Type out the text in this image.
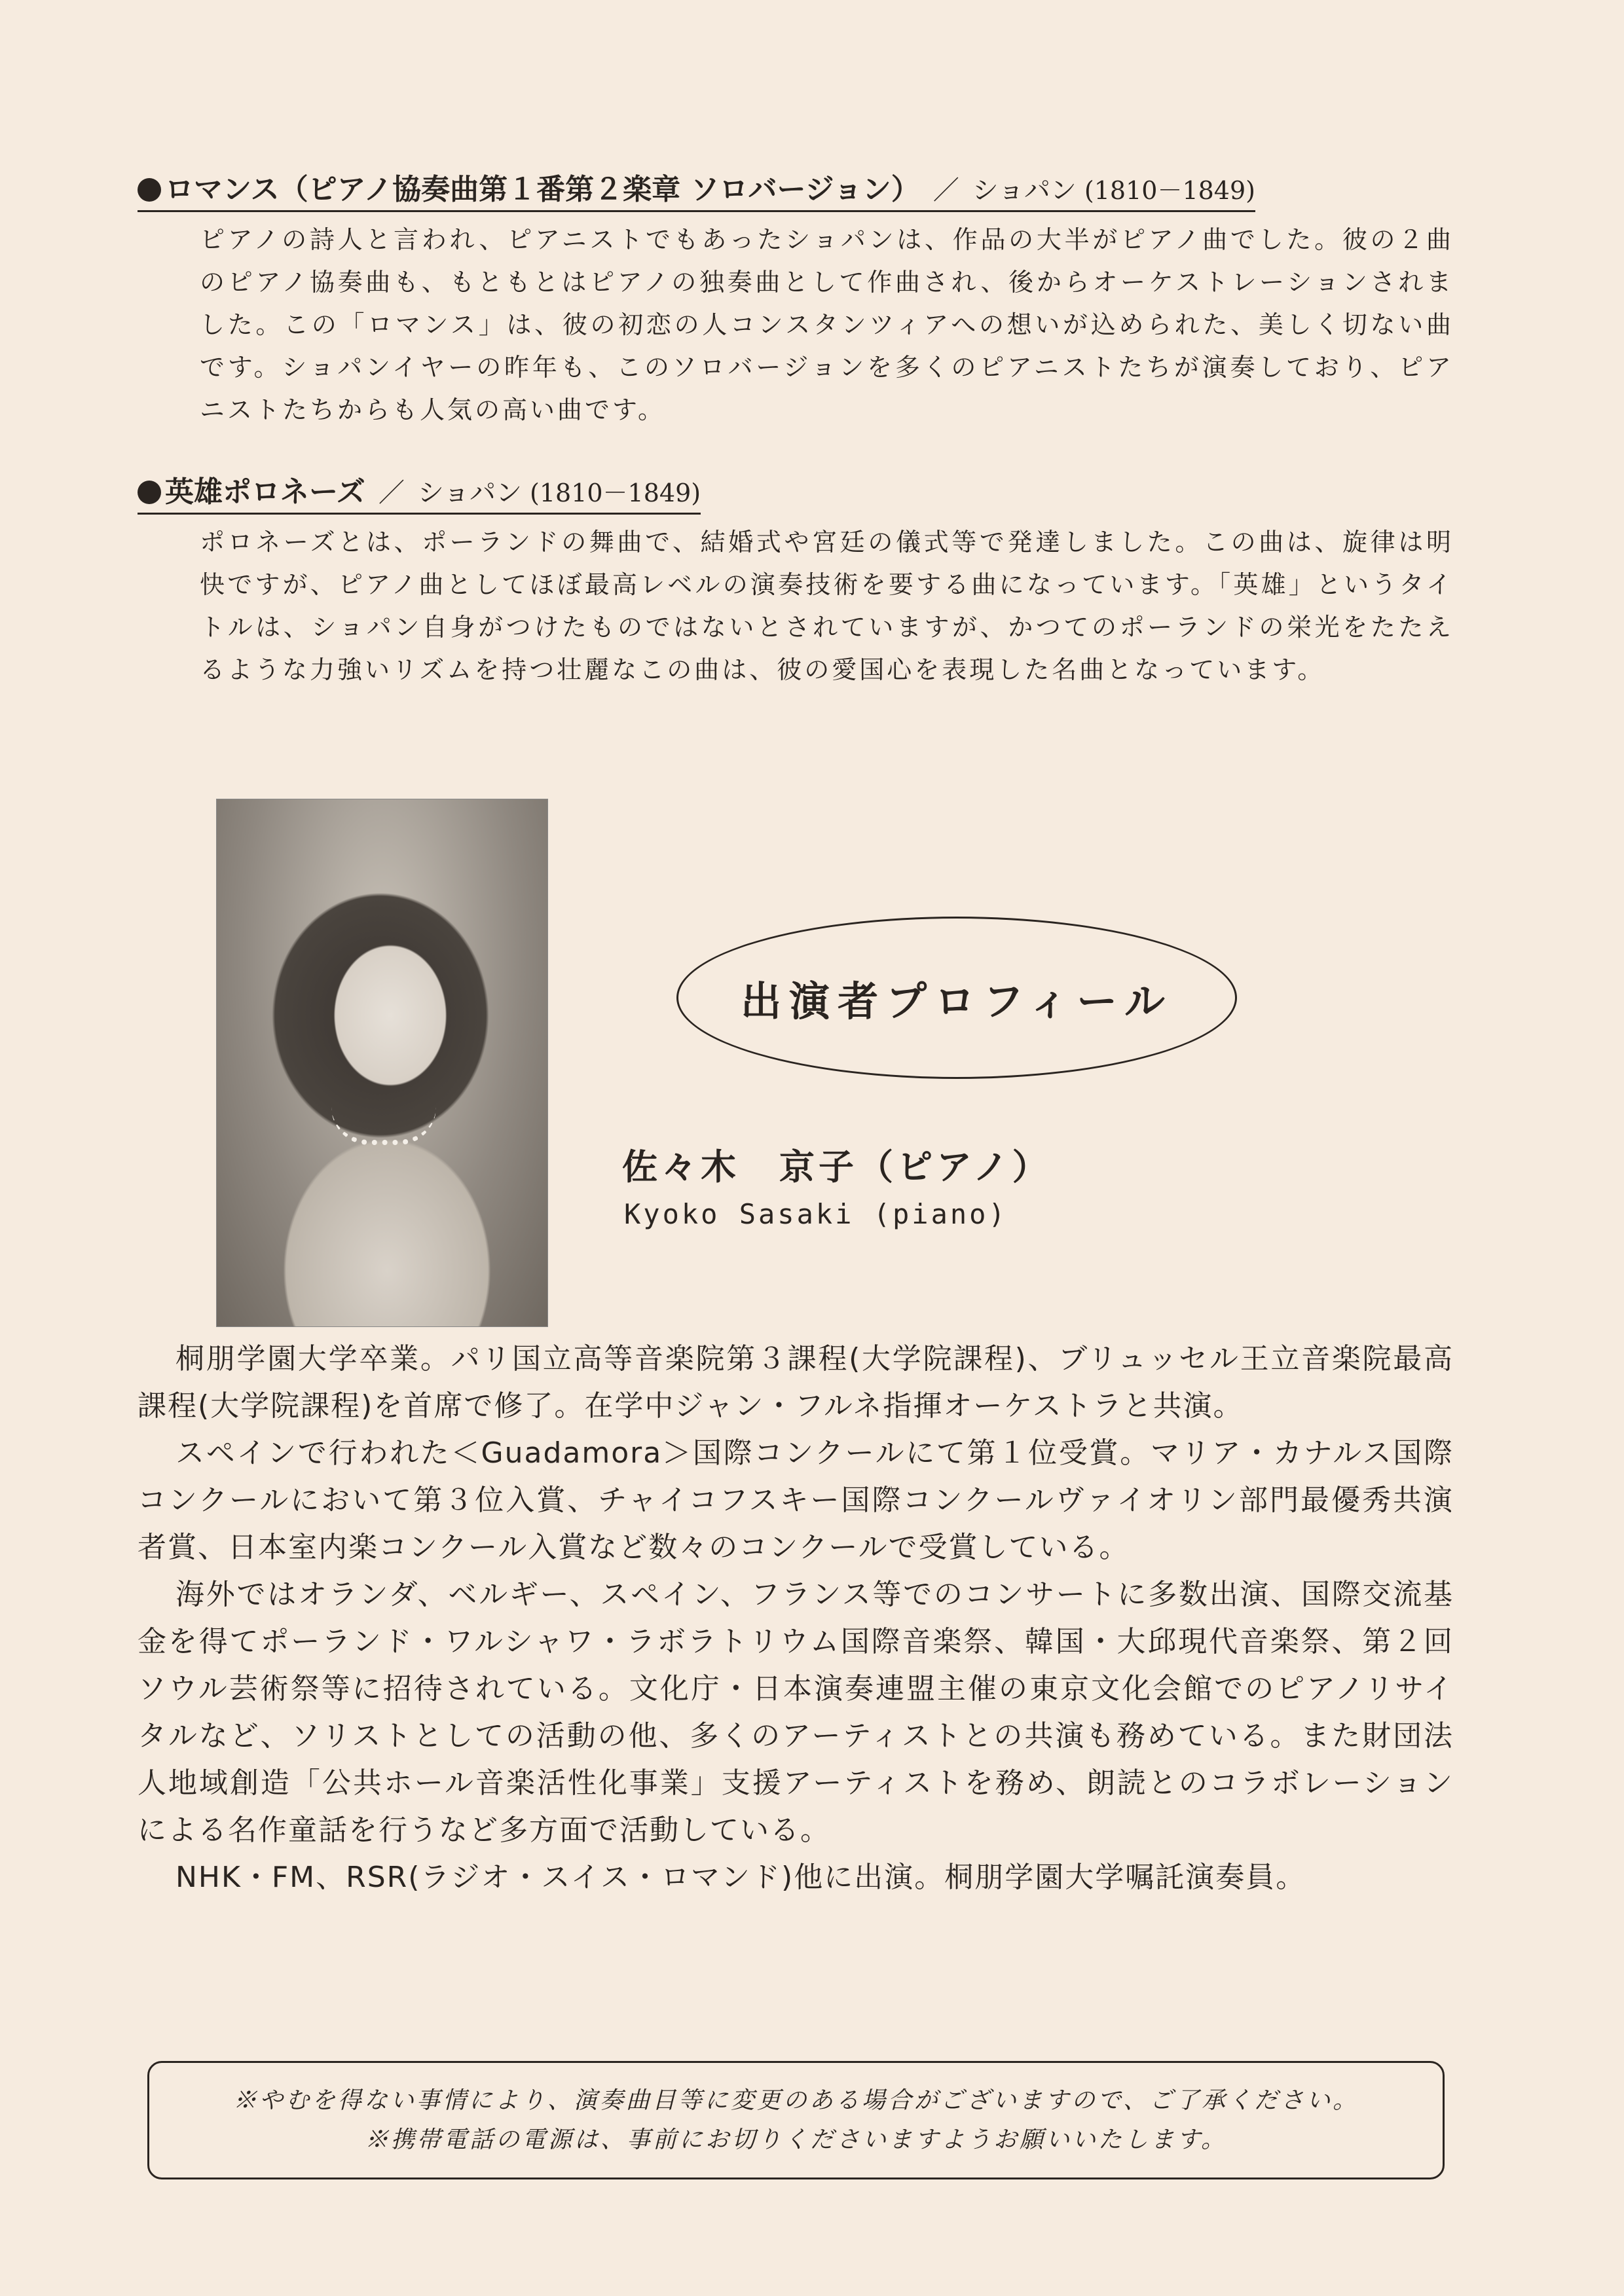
ロマンス（ピアノ協奏曲第１番第２楽章 ソロバージョン） ／ ショパン (1810－1849)
ピアノの詩人と言われ、ピアニストでもあったショパンは、作品の大半がピアノ曲でした。彼の２曲のピアノ協奏曲も、もともとはピアノの独奏曲として作曲され、後からオーケストレーションされました。この「ロマンス」は、彼の初恋の人コンスタンツィアへの想いが込められた、美しく切ない曲です。ショパンイヤーの昨年も、このソロバージョンを多くのピアニストたちが演奏しており、ピアニストたちからも人気の高い曲です。
英雄ポロネーズ ／ ショパン (1810－1849)
ポロネーズとは、ポーランドの舞曲で、結婚式や宮廷の儀式等で発達しました。この曲は、旋律は明快ですが、ピアノ曲としてほぼ最高レベルの演奏技術を要する曲になっています。「英雄」というタイトルは、ショパン自身がつけたものではないとされていますが、かつてのポーランドの栄光をたたえるような力強いリズムを持つ壮麗なこの曲は、彼の愛国心を表現した名曲となっています。
出演者プロフィール
佐々木　京子（ピアノ）
Kyoko Sasaki (piano)

桐朋学園大学卒業。パリ国立高等音楽院第３課程(大学院課程)、ブリュッセル王立音楽院最高課程(大学院課程)を首席で修了。在学中ジャン・フルネ指揮オーケストラと共演。

スペインで行われた＜Guadamora＞国際コンクールにて第１位受賞。マリア・カナルス国際コンクールにおいて第３位入賞、チャイコフスキー国際コンクールヴァイオリン部門最優秀共演者賞、日本室内楽コンクール入賞など数々のコンクールで受賞している。

海外ではオランダ、ベルギー、スペイン、フランス等でのコンサートに多数出演、国際交流基金を得てポーランド・ワルシャワ・ラボラトリウム国際音楽祭、韓国・大邱現代音楽祭、第２回ソウル芸術祭等に招待されている。文化庁・日本演奏連盟主催の東京文化会館でのピアノリサイタルなど、ソリストとしての活動の他、多くのアーティストとの共演も務めている。また財団法人地域創造「公共ホール音楽活性化事業」支援アーティストを務め、朗読とのコラボレーションによる名作童話を行うなど多方面で活動している。

NHK・FM、RSR(ラジオ・スイス・ロマンド)他に出演。桐朋学園大学嘱託演奏員。

※やむを得ない事情により、演奏曲目等に変更のある場合がございますので、ご了承ください。
※携帯電話の電源は、事前にお切りくださいますようお願いいたします。
